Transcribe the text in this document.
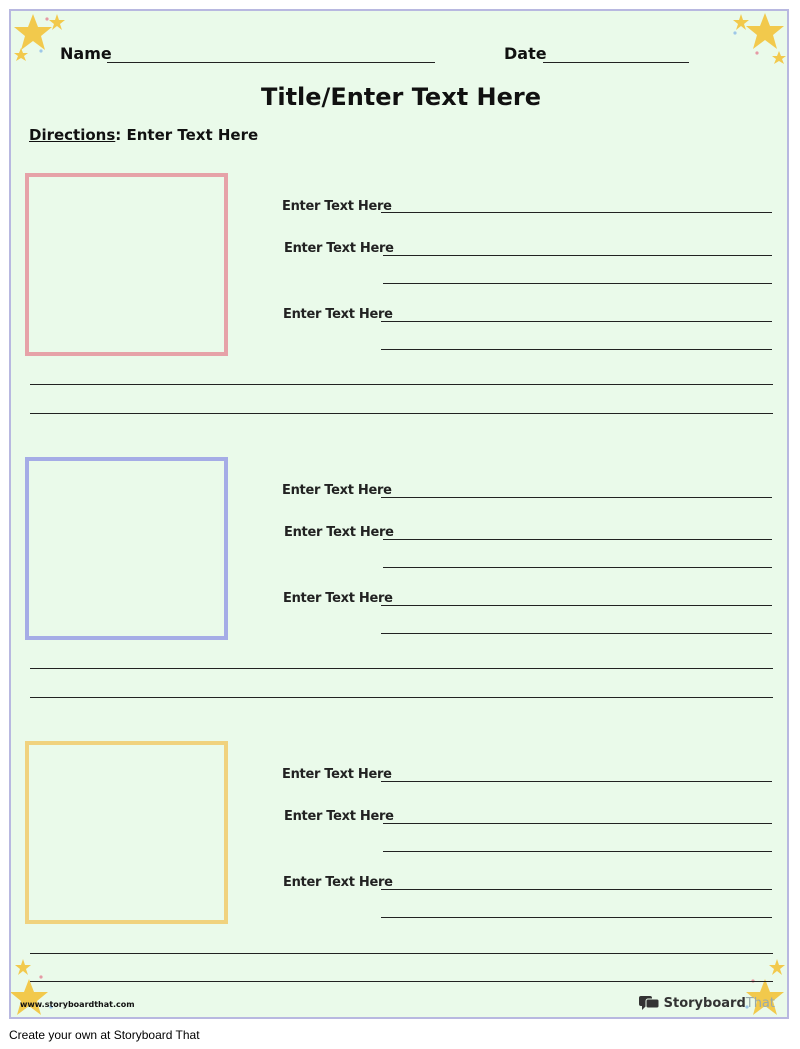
Name	Date
Title/Enter Text Here
Directions: Enter Text Here
Enter Text Here
Enter Text Here
Enter Text Here
Enter Text Here
Enter Text Here
Enter Text Here
Enter Text Here
Enter Text Here
Enter Text Here
www.storyboardthat.com	StoryboardThat
Create your own at Storyboard That
